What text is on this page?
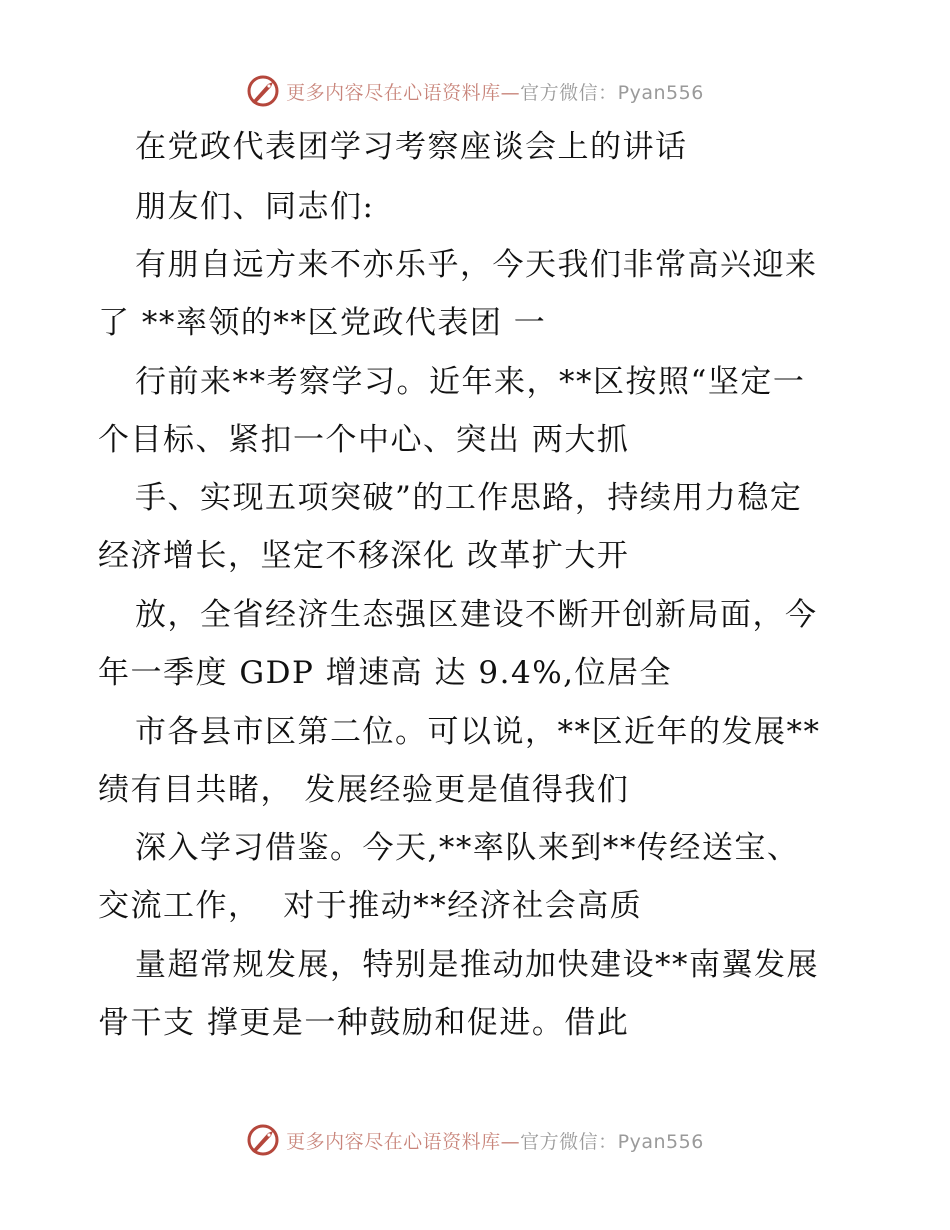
更多内容尽在心语资料库—官方微信：Pyan556
在党政代表团学习考察座谈会上的讲话
朋友们、同志们:
有朋自远方来不亦乐乎，今天我们非常高兴迎来
了 **率领的**区党政代表团 一
行前来**考察学习。近年来，**区按照“坚定一
个目标、紧扣一个中心、突出 两大抓
手、实现五项突破”的工作思路，持续用力稳定
经济增长，坚定不移深化 改革扩大开
放，全省经济生态强区建设不断开创新局面，今
年一季度 GDP 增速高 达 9.4%,位居全
市各县市区第二位。可以说，**区近年的发展**
绩有目共睹， 发展经验更是值得我们
深入学习借鉴。今天,**率队来到**传经送宝、
交流工作，  对于推动**经济社会高质
量超常规发展，特别是推动加快建设**南翼发展
骨干支 撑更是一种鼓励和促进。借此
更多内容尽在心语资料库—官方微信：Pyan556
